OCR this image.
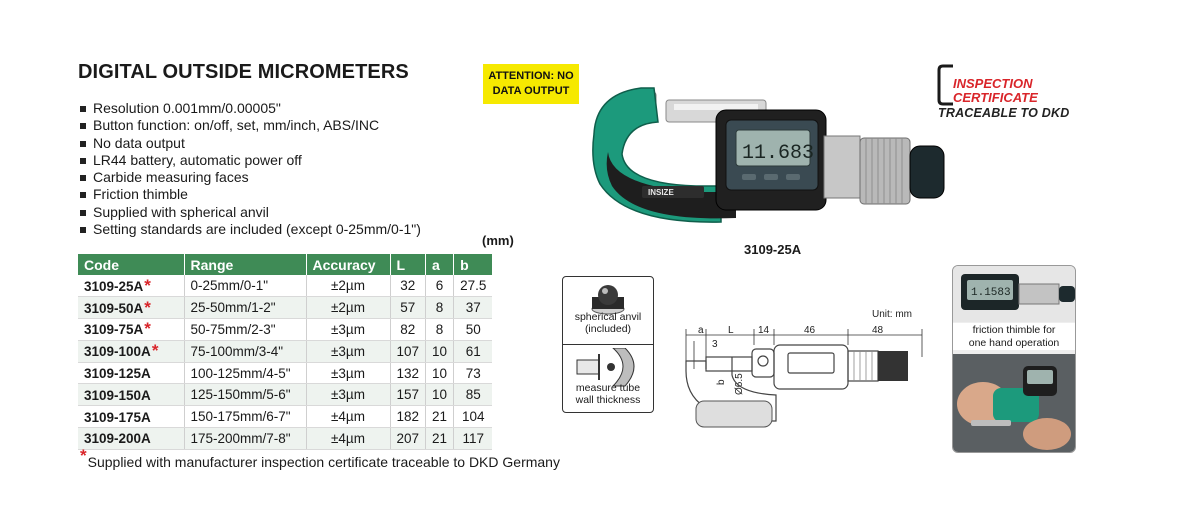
DIGITAL OUTSIDE MICROMETERS	ATTENTION: NO
DATA OUTPUT
Resolution 0.001mm/0.00005"
Button function: on/off, set, mm/inch, ABS/INC
No data output
LR44 battery, automatic power off
Carbide measuring faces
Friction thimble
Supplied with spherical anvil
Setting standards are included (except 0-25mm/0-1")
(mm)
Code	Range	Accuracy	L	a	b
3109-25A*	0-25mm/0-1"	±2µm	32	6	27.5
3109-50A*	25-50mm/1-2"	±2µm	57	8	37
3109-75A*	50-75mm/2-3"	±3µm	82	8	50
3109-100A*	75-100mm/3-4"	±3µm	107	10	61
3109-125A	100-125mm/4-5"	±3µm	132	10	73
3109-150A	125-150mm/5-6"	±3µm	157	10	85
3109-175A	150-175mm/6-7"	±4µm	182	21	104
3109-200A	175-200mm/7-8"	±4µm	207	21	117
*Supplied with manufacturer inspection certificate traceable to DKD Germany
INSIZE
11.683
3109-25A
INSPECTION
CERTIFICATE
TRACEABLE TO DKD
spherical anvil
(included)
measure tube
wall thickness
Unit: mm
a L 14	46	48
3
b Ø6.5
1.1583
friction thimble for
one hand operation
